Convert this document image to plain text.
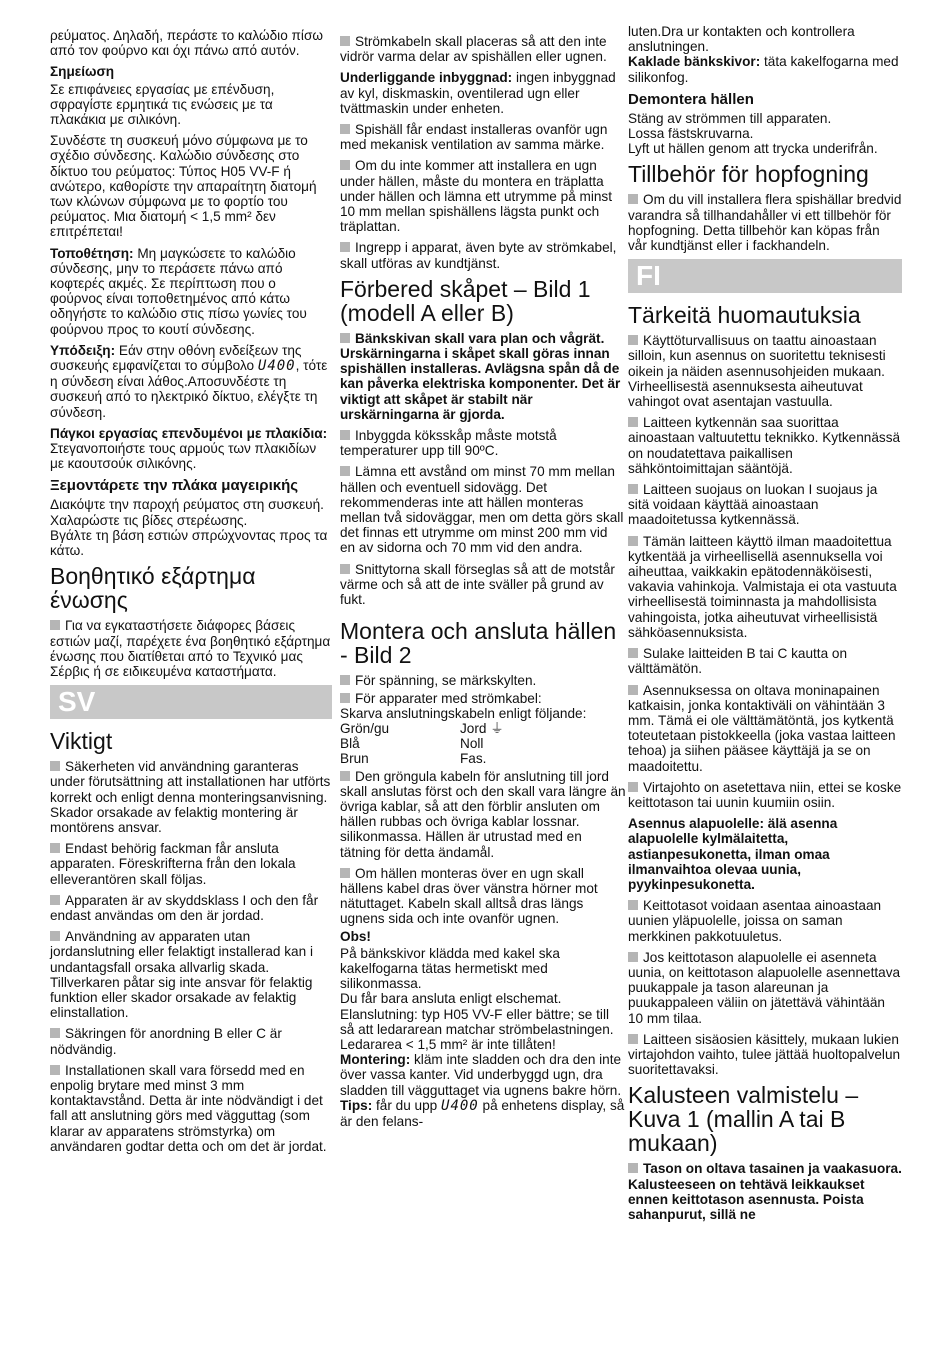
ρεύματος. Δηλαδή, περάστε το καλώδιο πίσω από τον φούρνο και όχι πάνω από αυτόν.

Σημείωση

Σε επιφάνειες εργασίας με επένδυση, σφραγίστε ερμητικά τις ενώσεις με τα πλακάκια με σιλικόνη.

Συνδέστε τη συσκευή μόνο σύμφωνα με το σχέδιο σύνδεσης. Καλώδιο σύνδεσης στο δίκτυο του ρεύματος: Τύπος H05 VV-F ή ανώτερο, καθορίστε την απαραίτητη διατομή των κλώνων σύμφωνα με το φορτίο του ρεύματος. Μια διατομή < 1,5 mm² δεν επιτρέπεται!

Τοποθέτηση: Μη μαγκώσετε το καλώδιο σύνδεσης, μην το περάσετε πάνω από κοφτερές ακμές. Σε περίπτωση που ο φούρνος είναι τοποθετημένος από κάτω οδηγήστε το καλώδιο στις πίσω γωνίες του φούρνου προς το κουτί σύνδεσης.

Υπόδειξη: Εάν στην οθόνη ενδείξεων της συσκευής εμφανίζεται το σύμβολο U400, τότε η σύνδεση είναι λάθος.Αποσυνδέστε τη συσκευή από το ηλεκτρικό δίκτυο, ελέγξτε τη σύνδεση.

Πάγκοι εργασίας επενδυμένοι με πλακίδια: Στεγανοποιήστε τους αρμούς των πλακιδίων με καουτσούκ σιλικόνης.

Ξεμοντάρετε την πλάκα μαγειρικής
Διακόψτε την παροχή ρεύματος στη συσκευή.
Χαλαρώστε τις βίδες στερέωσης.
Βγάλτε τη βάση εστιών σπρώχνοντας προς τα κάτω.
Βοηθητικό εξάρτημα ένωσης

Για να εγκαταστήσετε διάφορες βάσεις εστιών μαζί, παρέχετε ένα βοηθητικό εξάρτημα ένωσης που διατίθεται από το Τεχνικό μας Σέρβις ή σε ειδικευμένα καταστήματα.

SV
Viktigt

Säkerheten vid användning garanteras under förutsättning att installationen har utförts korrekt och enligt denna monteringsanvisning. Skador orsakade av felaktig montering är montörens ansvar.

Endast behörig fackman får ansluta apparaten. Föreskrifterna från den lokala elleverantören skall följas.

Apparaten är av skyddsklass I och den får endast användas om den är jordad.

Användning av apparaten utan jordanslutning eller felaktigt installerad kan i undantagsfall orsaka allvarlig skada. Tillverkaren påtar sig inte ansvar för felaktig funktion eller skador orsakade av felaktig elinstallation.

Säkringen för anordning B eller C är nödvändig.

Installationen skall vara försedd med en enpolig brytare med minst 3 mm kontaktavstånd. Detta är inte nödvändigt i det fall att anslutning görs med vägguttag (som klarar av apparatens strömstyrka) om användaren godtar detta och om det är jordat.

Strömkabeln skall placeras så att den inte vidrör varma delar av spishällen eller ugnen.

Underliggande inbyggnad: ingen inbyggnad av kyl, diskmaskin, oventilerad ugn eller tvättmaskin under enheten.

Spishäll får endast installeras ovanför ugn med mekanisk ventilation av samma märke.

Om du inte kommer att installera en ugn under hällen, måste du montera en träplatta under hällen och lämna ett utrymme på minst 10 mm mellan spishällens lägsta punkt och träplattan.

Ingrepp i apparat, även byte av strömkabel, skall utföras av kundtjänst.

Förbered skåpet – Bild 1 (modell A eller B)

Bänkskivan skall vara plan och vågrät. Urskärningarna i skåpet skall göras innan spishällen installeras. Avlägsna spån då de kan påverka elektriska komponenter. Det är viktigt att skåpet är stabilt när urskärningarna är gjorda.

Inbyggda köksskåp måste motstå temperaturer upp till 90ºC.

Lämna ett avstånd om minst 70 mm mellan hällen och eventuell sidovägg. Det rekommenderas inte att hällen monteras mellan två sidoväggar, men om detta görs skall det finnas ett utrymme om minst 200 mm vid en av sidorna och 70 mm vid den andra.

Snittytorna skall förseglas så att de motstår värme och så att de inte sväller på grund av fukt.

Montera och ansluta hällen - Bild 2

För spänning, se märkskylten.

För apparater med strömkabel:
Skarva anslutningskabeln enligt följande:
Grön/gu	Jord ⏚
Blå	Noll
Brun	Fas.

Den gröngula kabeln för anslutning till jord skall anslutas först och den skall vara längre än övriga kablar, så att den förblir ansluten om hällen rubbas och övriga kablar lossnar.

silikonmassa. Hällen är utrustad med en tätning för detta ändamål.

Om hällen monteras över en ugn skall hällens kabel dras över vänstra hörner mot nätuttaget. Kabeln skall alltså dras längs ugnens sida och inte ovanför ugnen.

Obs!

På bänkskivor klädda med kakel ska kakelfogarna tätas hermetiskt med silikonmassa.

Du får bara ansluta enligt elschemat. Elanslutning: typ H05 VV-F eller bättre; se till så att ledararean matchar strömbelastningen. Ledararea < 1,5 mm² är inte tillåten!

Montering: kläm inte sladden och dra den inte över vassa kanter. Vid underbyggd ugn, dra sladden till vägguttaget via ugnens bakre hörn.

Tips: får du upp U400 på enhetens display, så är den felans-

luten.Dra ur kontakten och kontrollera anslutningen.

Kaklade bänkskivor: täta kakelfogarna med silikonfog.

Demontera hällen
Stäng av strömmen till apparaten.
Lossa fästskruvarna.
Lyft ut hällen genom att trycka underifrån.
Tillbehör för hopfogning

Om du vill installera flera spishällar bredvid varandra så tillhandahåller vi ett tillbehör för hopfogning. Detta tillbehör kan köpas från vår kundtjänst eller i fackhandeln.

FI
Tärkeitä huomautuksia

Käyttöturvallisuus on taattu ainoastaan silloin, kun asennus on suoritettu teknisesti oikein ja näiden asennusohjeiden mukaan. Virheellisestä asennuksesta aiheutuvat vahingot ovat asentajan vastuulla.

Laitteen kytkennän saa suorittaa ainoastaan valtuutettu teknikko. Kytkennässä on noudatettava paikallisen sähköntoimittajan sääntöjä.

Laitteen suojaus on luokan I suojaus ja sitä voidaan käyttää ainoastaan maadoitetussa kytkennässä.

Tämän laitteen käyttö ilman maadoitettua kytkentää ja virheellisellä asennuksella voi aiheuttaa, vaikkakin epätodennäköisesti, vakavia vahinkoja. Valmistaja ei ota vastuuta virheellisestä toiminnasta ja mahdollisista vahingoista, jotka aiheutuvat virheellisistä sähköasennuksista.

Sulake laitteiden B tai C kautta on välttämätön.

Asennuksessa on oltava moninapainen katkaisin, jonka kontaktiväli on vähintään 3 mm. Tämä ei ole välttämätöntä, jos kytkentä toteutetaan pistokkeella (joka vastaa laitteen tehoa) ja siihen pääsee käyttäjä ja se on maadoitettu.

Virtajohto on asetettava niin, ettei se koske keittotason tai uunin kuumiin osiin.

Asennus alapuolelle: älä asenna alapuolelle kylmälaitetta, astianpesukonetta, ilman omaa ilmanvaihtoa olevaa uunia, pyykinpesukonetta.

Keittotasot voidaan asentaa ainoastaan uunien yläpuolelle, joissa on saman merkkinen pakkotuuletus.

Jos keittotason alapuolelle ei asenneta uunia, on keittotason alapuolelle asennettava puukappale ja tason alareunan ja puukappaleen väliin on jätettävä vähintään 10 mm tilaa.

Laitteen sisäosien käsittely, mukaan lukien virtajohdon vaihto, tulee jättää huoltopalvelun suoritettavaksi.

Kalusteen valmistelu – Kuva 1 (mallin A tai B mukaan)

Tason on oltava tasainen ja vaakasuora. Kalusteeseen on tehtävä leikkaukset ennen keittotason asennusta. Poista sahanpurut, sillä ne
